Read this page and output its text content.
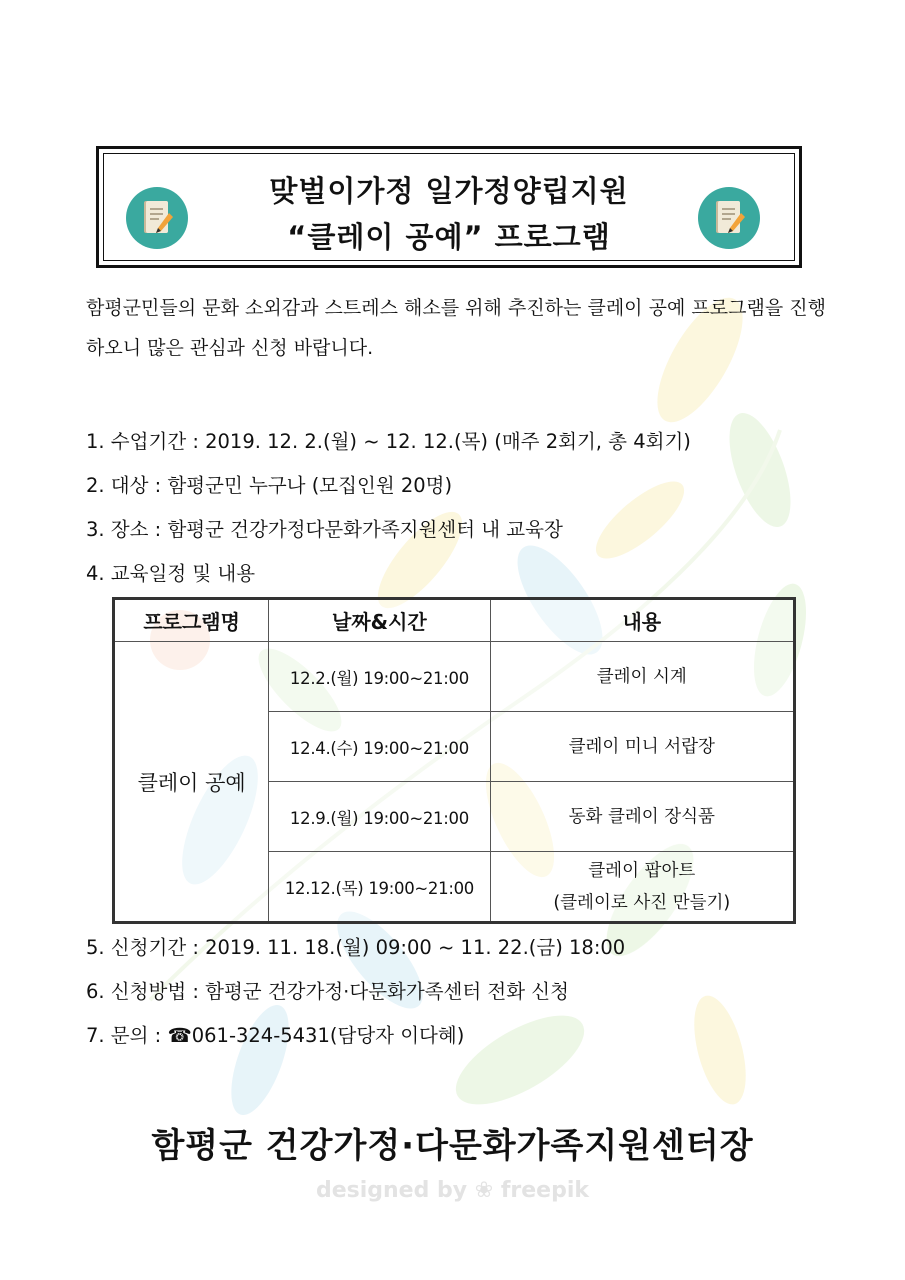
맞벌이가정 일가정양립지원
“클레이 공예” 프로그램
함평군민들의 문화 소외감과 스트레스 해소를 위해 추진하는 클레이 공예 프로그램을 진행하오니 많은 관심과 신청 바랍니다.
1. 수업기간 : 2019. 12. 2.(월) ~ 12. 12.(목) (매주 2회기, 총 4회기)
2. 대상 : 함평군민 누구나 (모집인원 20명)
3. 장소 : 함평군 건강가정다문화가족지원센터 내 교육장
4. 교육일정 및 내용
프로그램명	날짜&시간	내용
클레이 공예	12.2.(월) 19:00~21:00	클레이 시계

	12.4.(수) 19:00~21:00	클레이 미니 서랍장

	12.9.(월) 19:00~21:00	동화 클레이 장식품

	12.12.(목) 19:00~21:00	클레이 팝아트
(클레이로 사진 만들기)
5. 신청기간 : 2019. 11. 18.(월) 09:00 ~ 11. 22.(금) 18:00
6. 신청방법 : 함평군 건강가정·다문화가족센터 전화 신청
7. 문의 : ☎061-324-5431(담당자 이다혜)
함평군 건강가정·다문화가족지원센터장
designed by ❀ freepik
